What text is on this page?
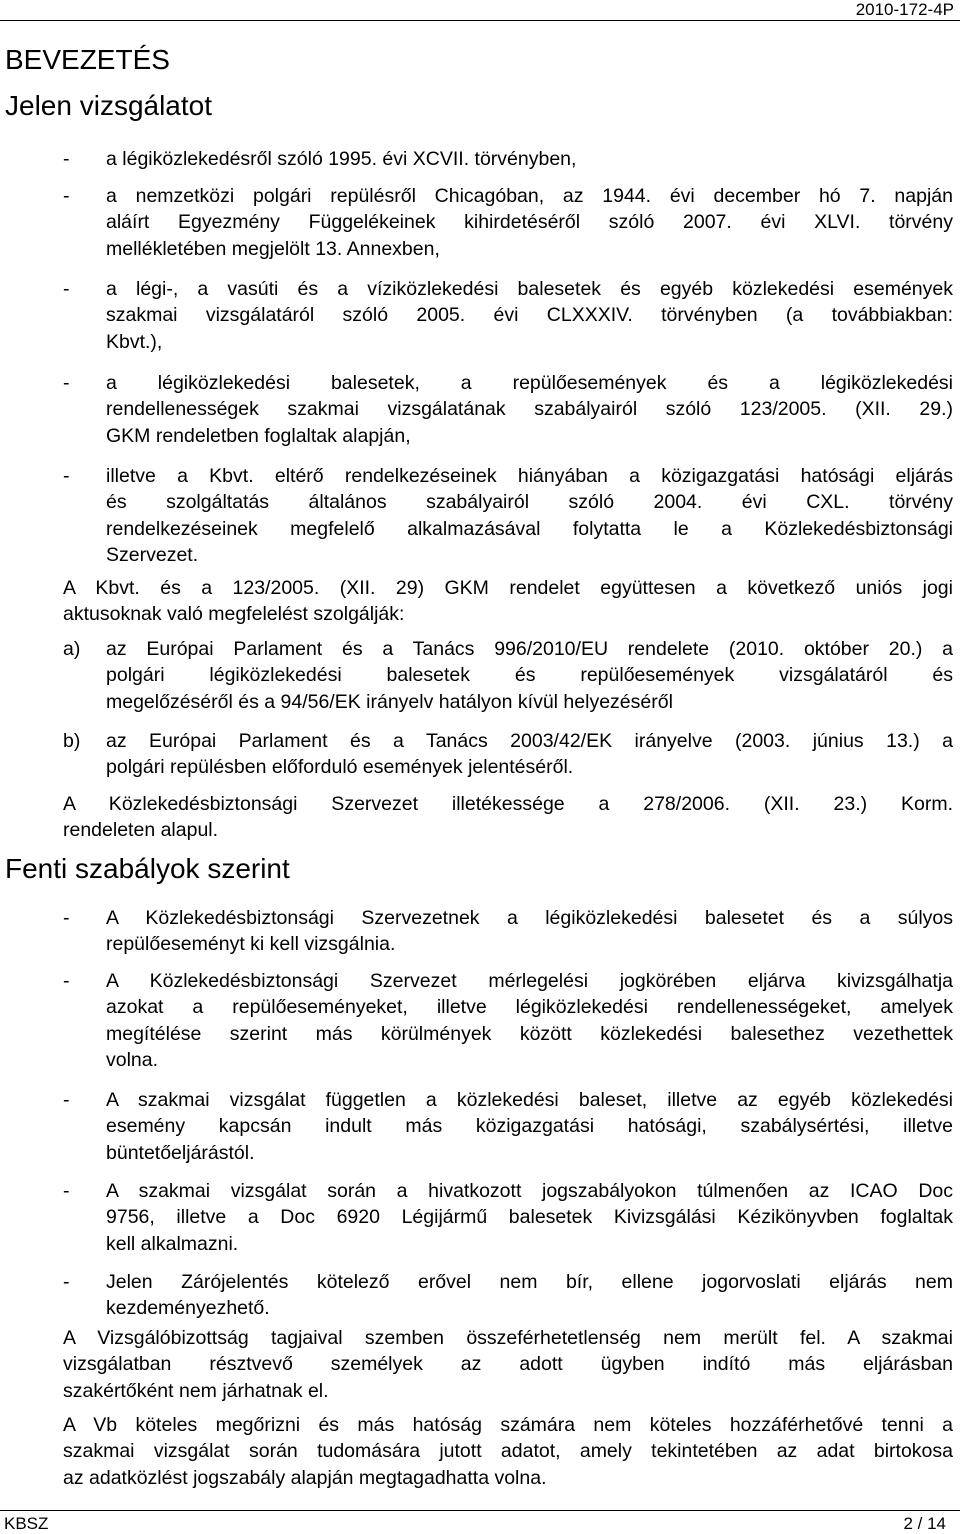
2010-172-4P
BEVEZETÉS
Jelen vizsgálatot
-	a légiközlekedésről szóló 1995. évi XCVII. törvényben,
-	a nemzetközi polgári repülésről Chicagóban, az 1944. évi december hó 7. napján
aláírt Egyezmény Függelékeinek kihirdetéséről szóló 2007. évi XLVI. törvény
mellékletében megjelölt 13. Annexben,
-	a légi-, a vasúti és a víziközlekedési balesetek és egyéb közlekedési események
szakmai vizsgálatáról szóló 2005. évi CLXXXIV. törvényben (a továbbiakban:
Kbvt.),
-	a légiközlekedési balesetek, a repülőesemények és a légiközlekedési
rendellenességek szakmai vizsgálatának szabályairól szóló 123/2005. (XII. 29.)
GKM rendeletben foglaltak alapján,
-	illetve a Kbvt. eltérő rendelkezéseinek hiányában a közigazgatási hatósági eljárás
és szolgáltatás általános szabályairól szóló 2004. évi CXL. törvény
rendelkezéseinek megfelelő alkalmazásával folytatta le a Közlekedésbiztonsági
Szervezet.
A Kbvt. és a 123/2005. (XII. 29) GKM rendelet együttesen a következő uniós jogi
aktusoknak való megfelelést szolgálják:
a)	az Európai Parlament és a Tanács 996/2010/EU rendelete (2010. október 20.) a
polgári légiközlekedési balesetek és repülőesemények vizsgálatáról és
megelőzéséről és a 94/56/EK irányelv hatályon kívül helyezéséről
b)	az Európai Parlament és a Tanács 2003/42/EK irányelve (2003. június 13.) a
polgári repülésben előforduló események jelentéséről.
A Közlekedésbiztonsági Szervezet illetékessége a 278/2006. (XII. 23.) Korm.
rendeleten alapul.
Fenti szabályok szerint
-	A Közlekedésbiztonsági Szervezetnek a légiközlekedési balesetet és a súlyos
repülőeseményt ki kell vizsgálnia.
-	A Közlekedésbiztonsági Szervezet mérlegelési jogkörében eljárva kivizsgálhatja
azokat a repülőeseményeket, illetve légiközlekedési rendellenességeket, amelyek
megítélése szerint más körülmények között közlekedési balesethez vezethettek
volna.
-	A szakmai vizsgálat független a közlekedési baleset, illetve az egyéb közlekedési
esemény kapcsán indult más közigazgatási hatósági, szabálysértési, illetve
büntetőeljárástól.
-	A szakmai vizsgálat során a hivatkozott jogszabályokon túlmenően az ICAO Doc
9756, illetve a Doc 6920 Légijármű balesetek Kivizsgálási Kézikönyvben foglaltak
kell alkalmazni.
-	Jelen Zárójelentés kötelező erővel nem bír, ellene jogorvoslati eljárás nem
kezdeményezhető.
A Vizsgálóbizottság tagjaival szemben összeférhetetlenség nem merült fel. A szakmai
vizsgálatban résztvevő személyek az adott ügyben indító más eljárásban
szakértőként nem járhatnak el.
A Vb köteles megőrizni és más hatóság számára nem köteles hozzáférhetővé tenni a
szakmai vizsgálat során tudomására jutott adatot, amely tekintetében az adat birtokosa
az adatközlést jogszabály alapján megtagadhatta volna.
KBSZ	2 / 14
